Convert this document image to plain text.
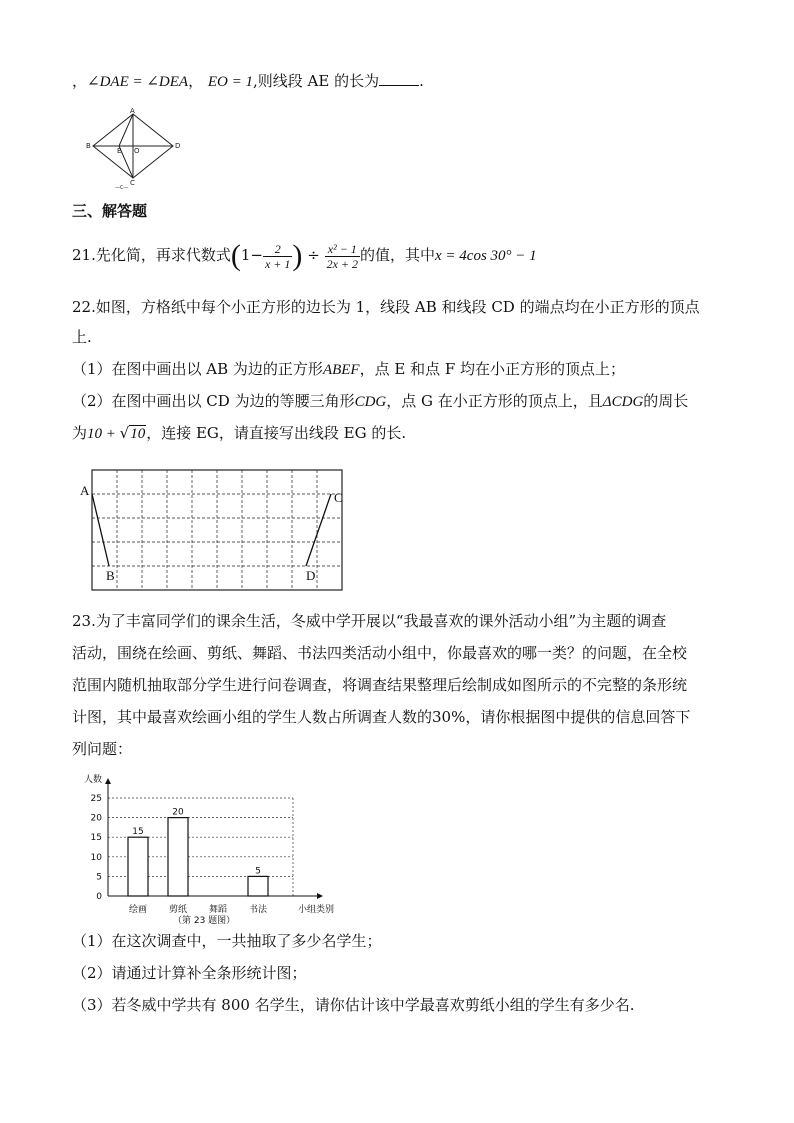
，∠DAE = ∠DEA， EO = 1,则线段 AE 的长为	.
A
B
E O
D
C
—C—
三、解答题
21.先化简，再求代数式($1- \frac{2}{x + 1}$ ) ÷ $\frac{\text{x² − 1}}{2x + 2}$ 的值，其中x = 4cos 30° − 1
22.如图，方格纸中每个小正方形的边长为 1，线段 AB 和线段 CD 的端点均在小正方形的顶点
上.
（1）在图中画出以 AB 为边的正方形ABEF，点 E 和点 F 均在小正方形的顶点上；
（2）在图中画出以 CD 为边的等腰三角形CDG，点 G 在小正方形的顶点上，且ΔCDG的周长
为10 + √10，连接 EG，请直接写出线段 EG 的长.
A
B
C
D
23.为了丰富同学们的课余生活，冬威中学开展以“我最喜欢的课外活动小组”为主题的调查
活动，围绕在绘画、剪纸、舞蹈、书法四类活动小组中，你最喜欢的哪一类？的问题，在全校
范围内随机抽取部分学生进行问卷调查，将调查结果整理后绘制成如图所示的不完整的条形统
计图，其中最喜欢绘画小组的学生人数占所调查人数的30%，请你根据图中提供的信息回答下
列问题：
人数
小组类别
（第 23 题图）
0
5
10
15
20
25
绘画
15
剪纸
20
舞蹈 书法
5
（1）在这次调查中，一共抽取了多少名学生；
（2）请通过计算补全条形统计图；
（3）若冬威中学共有 800 名学生，请你估计该中学最喜欢剪纸小组的学生有多少名.
